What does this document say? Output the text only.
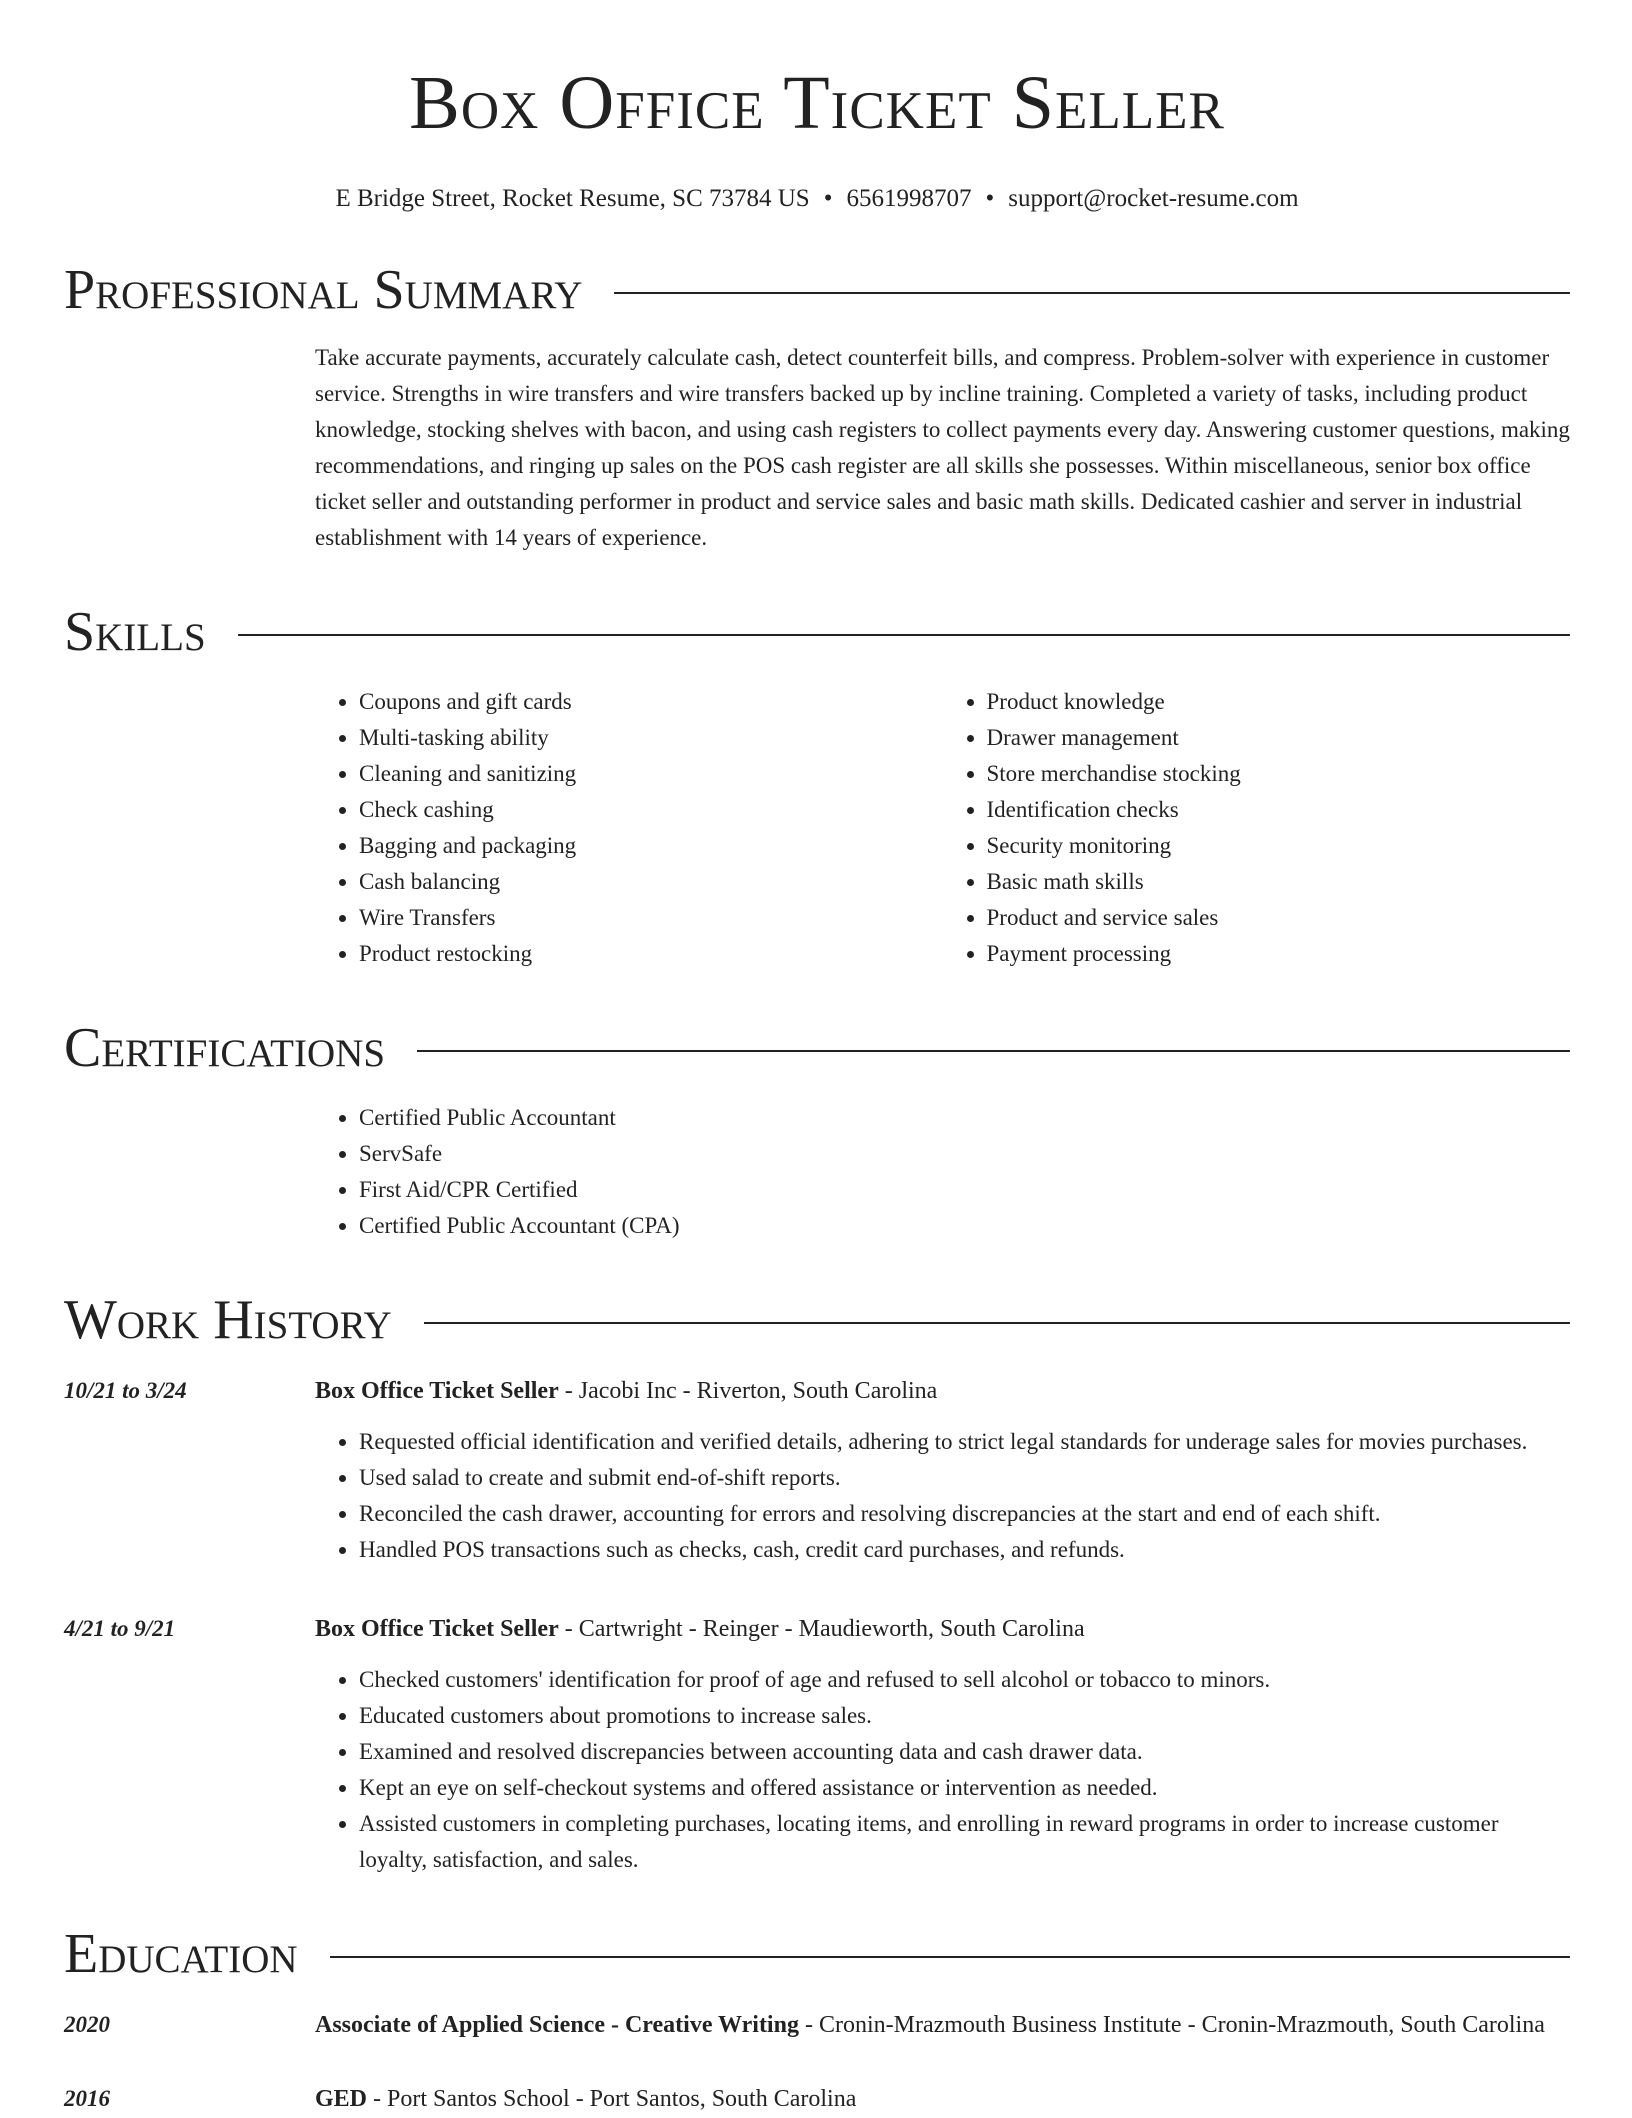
Box Office Ticket Seller
E Bridge Street, Rocket Resume, SC 73784 US • 6561998707 • support@rocket-resume.com
Professional Summary
Take accurate payments, accurately calculate cash, detect counterfeit bills, and compress. Problem-solver with experience in customer service. Strengths in wire transfers and wire transfers backed up by incline training. Completed a variety of tasks, including product knowledge, stocking shelves with bacon, and using cash registers to collect payments every day. Answering customer questions, making recommendations, and ringing up sales on the POS cash register are all skills she possesses. Within miscellaneous, senior box office ticket seller and outstanding performer in product and service sales and basic math skills. Dedicated cashier and server in industrial establishment with 14 years of experience.
Skills
• Coupons and gift cards
• Multi-tasking ability
• Cleaning and sanitizing
• Check cashing
• Bagging and packaging
• Cash balancing
• Wire Transfers
• Product restocking
• Product knowledge
• Drawer management
• Store merchandise stocking
• Identification checks
• Security monitoring
• Basic math skills
• Product and service sales
• Payment processing
Certifications
• Certified Public Accountant
• ServSafe
• First Aid/CPR Certified
• Certified Public Accountant (CPA)
Work History
10/21 to 3/24	Box Office Ticket Seller - Jacobi Inc - Riverton, South Carolina
• Requested official identification and verified details, adhering to strict legal standards for underage sales for movies purchases.
• Used salad to create and submit end-of-shift reports.
• Reconciled the cash drawer, accounting for errors and resolving discrepancies at the start and end of each shift.
• Handled POS transactions such as checks, cash, credit card purchases, and refunds.
4/21 to 9/21	Box Office Ticket Seller - Cartwright - Reinger - Maudieworth, South Carolina
• Checked customers' identification for proof of age and refused to sell alcohol or tobacco to minors.
• Educated customers about promotions to increase sales.
• Examined and resolved discrepancies between accounting data and cash drawer data.
• Kept an eye on self-checkout systems and offered assistance or intervention as needed.
• Assisted customers in completing purchases, locating items, and enrolling in reward programs in order to increase customer loyalty, satisfaction, and sales.
Education
2020	Associate of Applied Science - Creative Writing - Cronin-Mrazmouth Business Institute - Cronin-Mrazmouth, South Carolina
2016	GED - Port Santos School - Port Santos, South Carolina
